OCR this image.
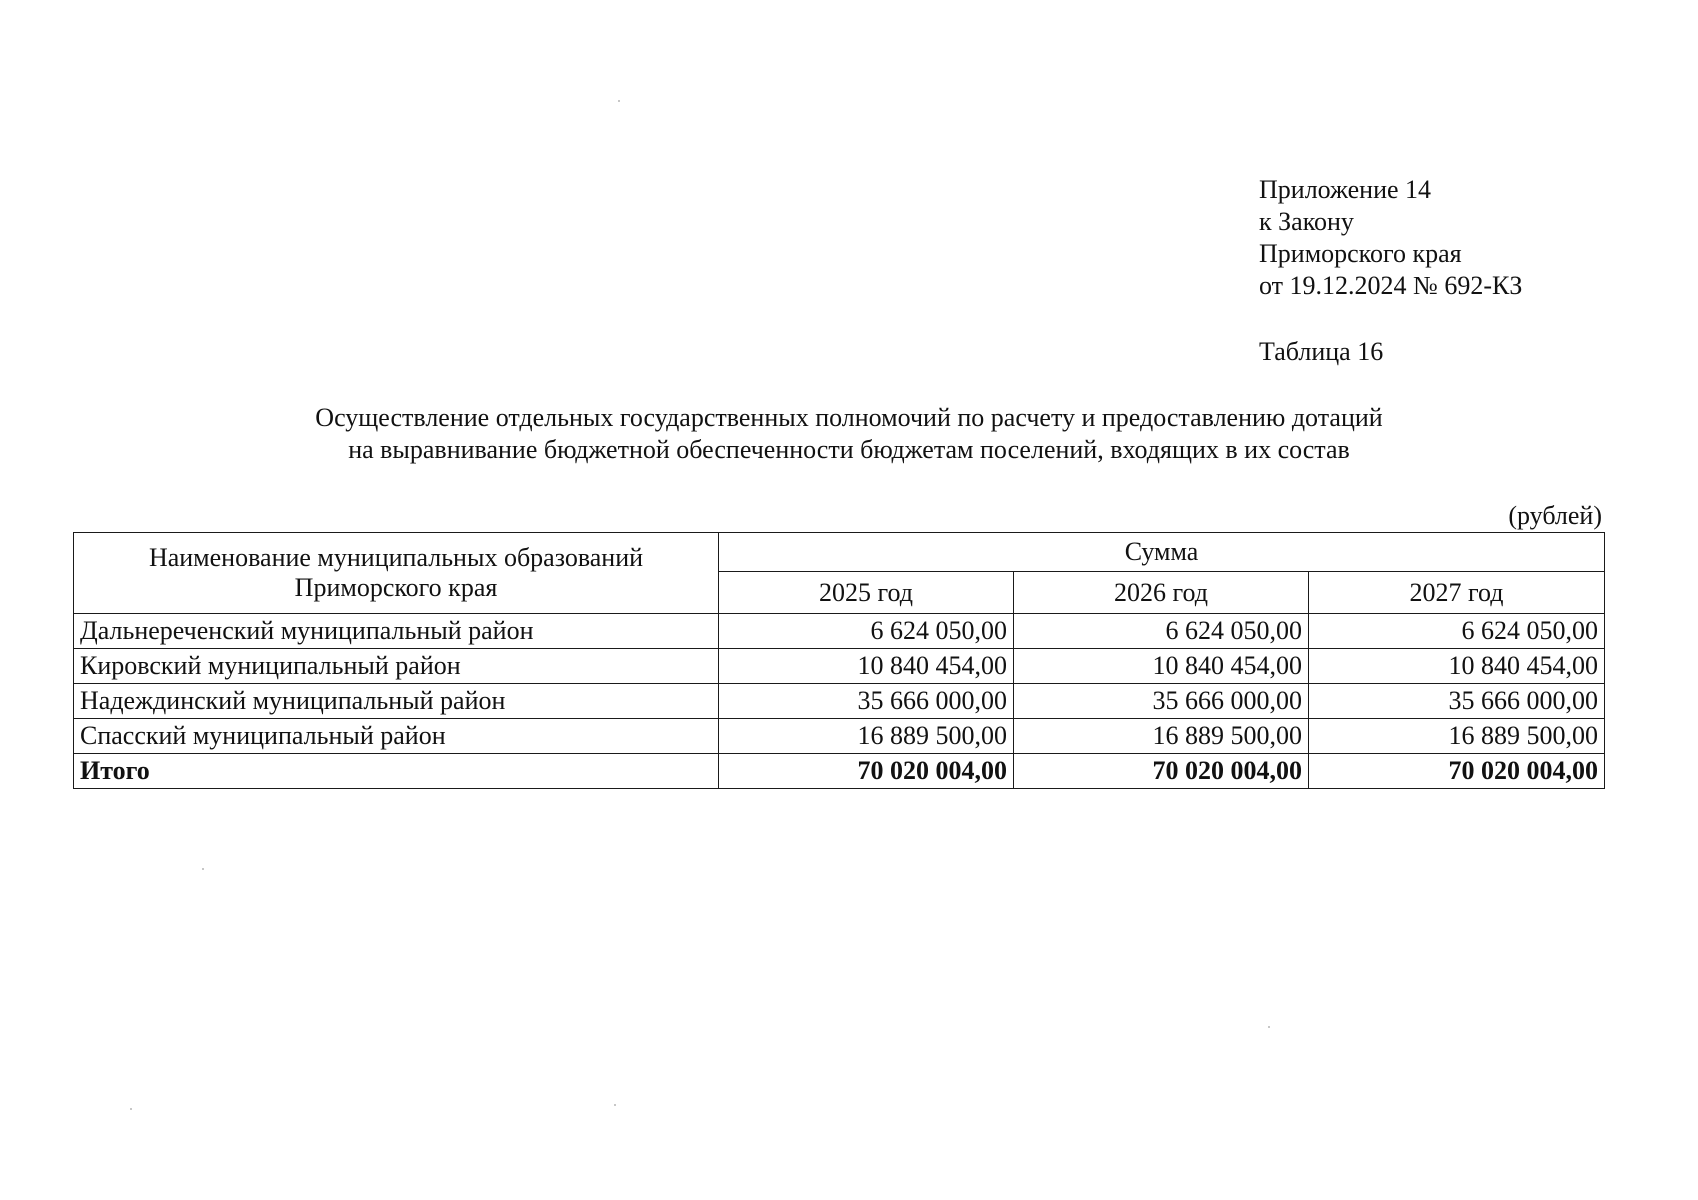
Приложение 14
к Закону
Приморского края
от 19.12.2024 № 692-КЗ
Таблица 16
Осуществление отдельных государственных полномочий по расчету и предоставлению дотаций
на выравнивание бюджетной обеспеченности бюджетам поселений, входящих в их состав
(рублей)
Наименование муниципальных образований
Приморского края	Сумма		
	2025 год	2026 год	2027 год
Дальнереченский муниципальный район	6 624 050,00	6 624 050,00	6 624 050,00
Кировский муниципальный район	10 840 454,00	10 840 454,00	10 840 454,00
Надеждинский муниципальный район	35 666 000,00	35 666 000,00	35 666 000,00
Спасский муниципальный район	16 889 500,00	16 889 500,00	16 889 500,00
Итого	70 020 004,00	70 020 004,00	70 020 004,00
